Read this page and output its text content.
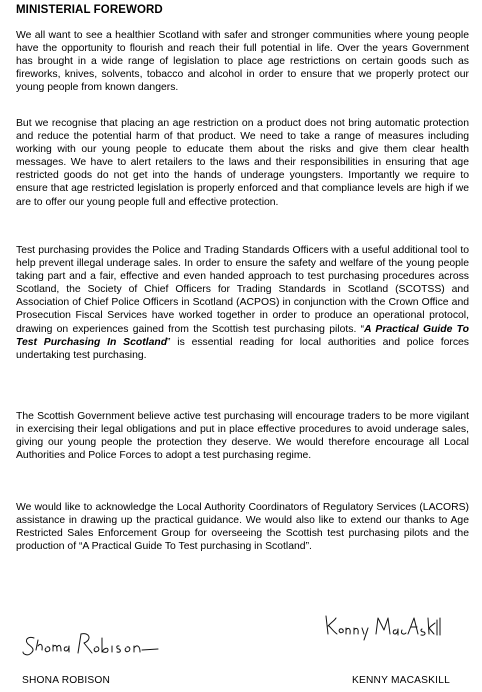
MINISTERIAL FOREWORD

We all want to see a healthier Scotland with safer and stronger communities where young people have the opportunity to flourish and reach their full potential in life. Over the years Government has brought in a wide range of legislation to place age restrictions on certain goods such as fireworks, knives, solvents, tobacco and alcohol in order to ensure that we properly protect our young people from known dangers.

But we recognise that placing an age restriction on a product does not bring automatic protection and reduce the potential harm of that product. We need to take a range of measures including working with our young people to educate them about the risks and give them clear health messages. We have to alert retailers to the laws and their responsibilities in ensuring that age restricted goods do not get into the hands of underage youngsters. Importantly we require to ensure that age restricted legislation is properly enforced and that compliance levels are high if we are to offer our young people full and effective protection.

Test purchasing provides the Police and Trading Standards Officers with a useful additional tool to help prevent illegal underage sales. In order to ensure the safety and welfare of the young people taking part and a fair, effective and even handed approach to test purchasing procedures across Scotland, the Society of Chief Officers for Trading Standards in Scotland (SCOTSS) and Association of Chief Police Officers in Scotland (ACPOS) in conjunction with the Crown Office and Prosecution Fiscal Services have worked together in order to produce an operational protocol, drawing on experiences gained from the Scottish test purchasing pilots. “A Practical Guide To Test Purchasing In Scotland” is essential reading for local authorities and police forces undertaking test purchasing.

The Scottish Government believe active test purchasing will encourage traders to be more vigilant in exercising their legal obligations and put in place effective procedures to avoid underage sales, giving our young people the protection they deserve. We would therefore encourage all Local Authorities and Police Forces to adopt a test purchasing regime.

We would like to acknowledge the Local Authority Coordinators of Regulatory Services (LACORS) assistance in drawing up the practical guidance. We would also like to extend our thanks to Age Restricted Sales Enforcement Group for overseeing the Scottish test purchasing pilots and the production of “A Practical Guide To Test purchasing in Scotland”.

Shona Robison
Kenny MacAskill
SHONA ROBISON	KENNY MACASKILL
